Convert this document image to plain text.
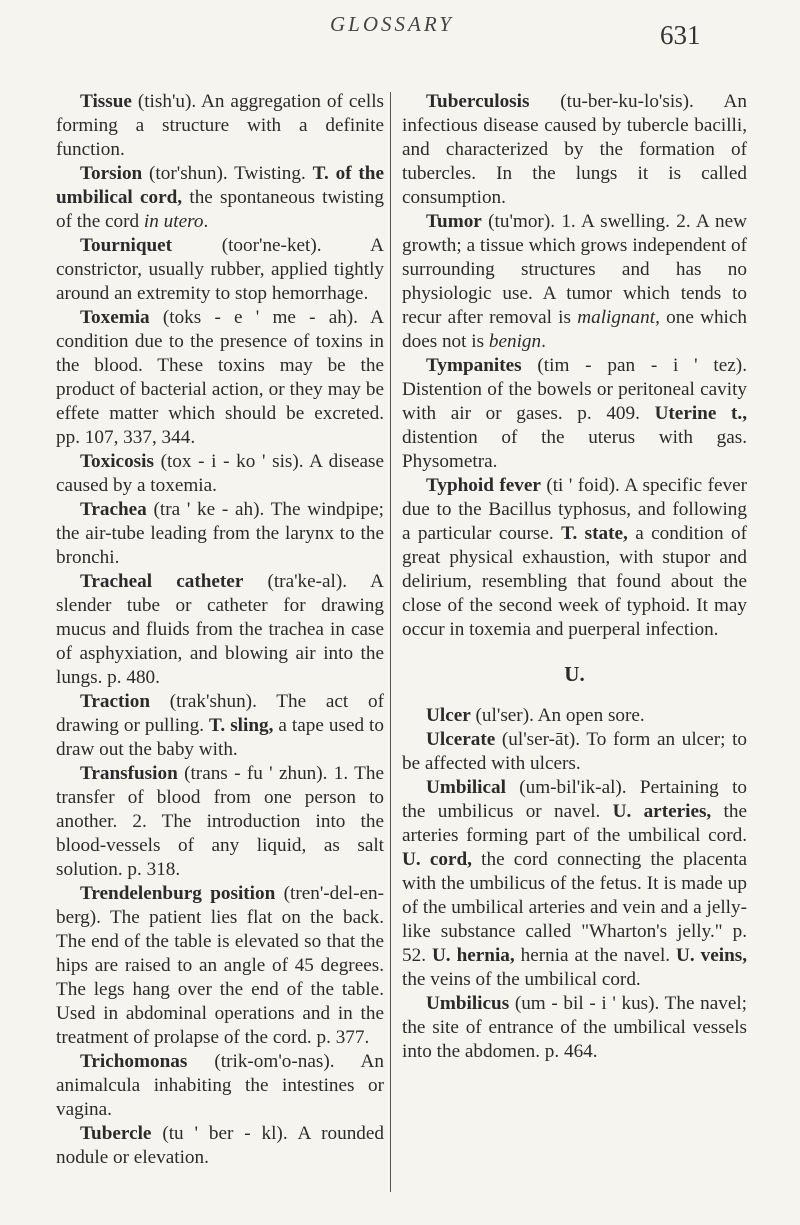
GLOSSARY	631

Tissue (tish'u). An aggregation of cells forming a structure with a definite function.

Torsion (tor'shun). Twisting. T. of the umbilical cord, the spontaneous twisting of the cord in utero.

Tourniquet (toor'ne-ket). A constrictor, usually rubber, applied tightly around an extremity to stop hemorrhage.

Toxemia (toks - e ' me - ah). A condition due to the presence of toxins in the blood. These toxins may be the product of bacterial action, or they may be effete matter which should be excreted. pp. 107, 337, 344.

Toxicosis (tox - i - ko ' sis). A disease caused by a toxemia.

Trachea (tra ' ke - ah). The windpipe; the air-tube leading from the larynx to the bronchi.

Tracheal catheter (tra'ke-al). A slender tube or catheter for drawing mucus and fluids from the trachea in case of asphyxiation, and blowing air into the lungs. p. 480.

Traction (trak'shun). The act of drawing or pulling. T. sling, a tape used to draw out the baby with.

Transfusion (trans - fu ' zhun). 1. The transfer of blood from one person to another. 2. The introduction into the blood-vessels of any liquid, as salt solution. p. 318.

Trendelenburg position (tren'-del-en-berg). The patient lies flat on the back. The end of the table is elevated so that the hips are raised to an angle of 45 degrees. The legs hang over the end of the table. Used in abdominal operations and in the treatment of prolapse of the cord. p. 377.

Trichomonas (trik-om'o-nas). An animalcula inhabiting the intestines or vagina.

Tubercle (tu ' ber - kl). A rounded nodule or elevation.

Tuberculosis (tu-ber-ku-lo'sis). An infectious disease caused by tubercle bacilli, and characterized by the formation of tubercles. In the lungs it is called consumption.

Tumor (tu'mor). 1. A swelling. 2. A new growth; a tissue which grows independent of surrounding structures and has no physiologic use. A tumor which tends to recur after removal is malignant, one which does not is benign.

Tympanites (tim - pan - i ' tez). Distention of the bowels or peritoneal cavity with air or gases. p. 409. Uterine t., distention of the uterus with gas. Physometra.

Typhoid fever (ti ' foid). A specific fever due to the Bacillus typhosus, and following a particular course. T. state, a condition of great physical exhaustion, with stupor and delirium, resembling that found about the close of the second week of typhoid. It may occur in toxemia and puerperal infection.

U.

Ulcer (ul'ser). An open sore.

Ulcerate (ul'ser-āt). To form an ulcer; to be affected with ulcers.

Umbilical (um-bil'ik-al). Pertaining to the umbilicus or navel. U. arteries, the arteries forming part of the umbilical cord. U. cord, the cord connecting the placenta with the umbilicus of the fetus. It is made up of the umbilical arteries and vein and a jelly-like substance called "Wharton's jelly." p. 52. U. hernia, hernia at the navel. U. veins, the veins of the umbilical cord.

Umbilicus (um - bil - i ' kus). The navel; the site of entrance of the umbilical vessels into the abdomen. p. 464.
